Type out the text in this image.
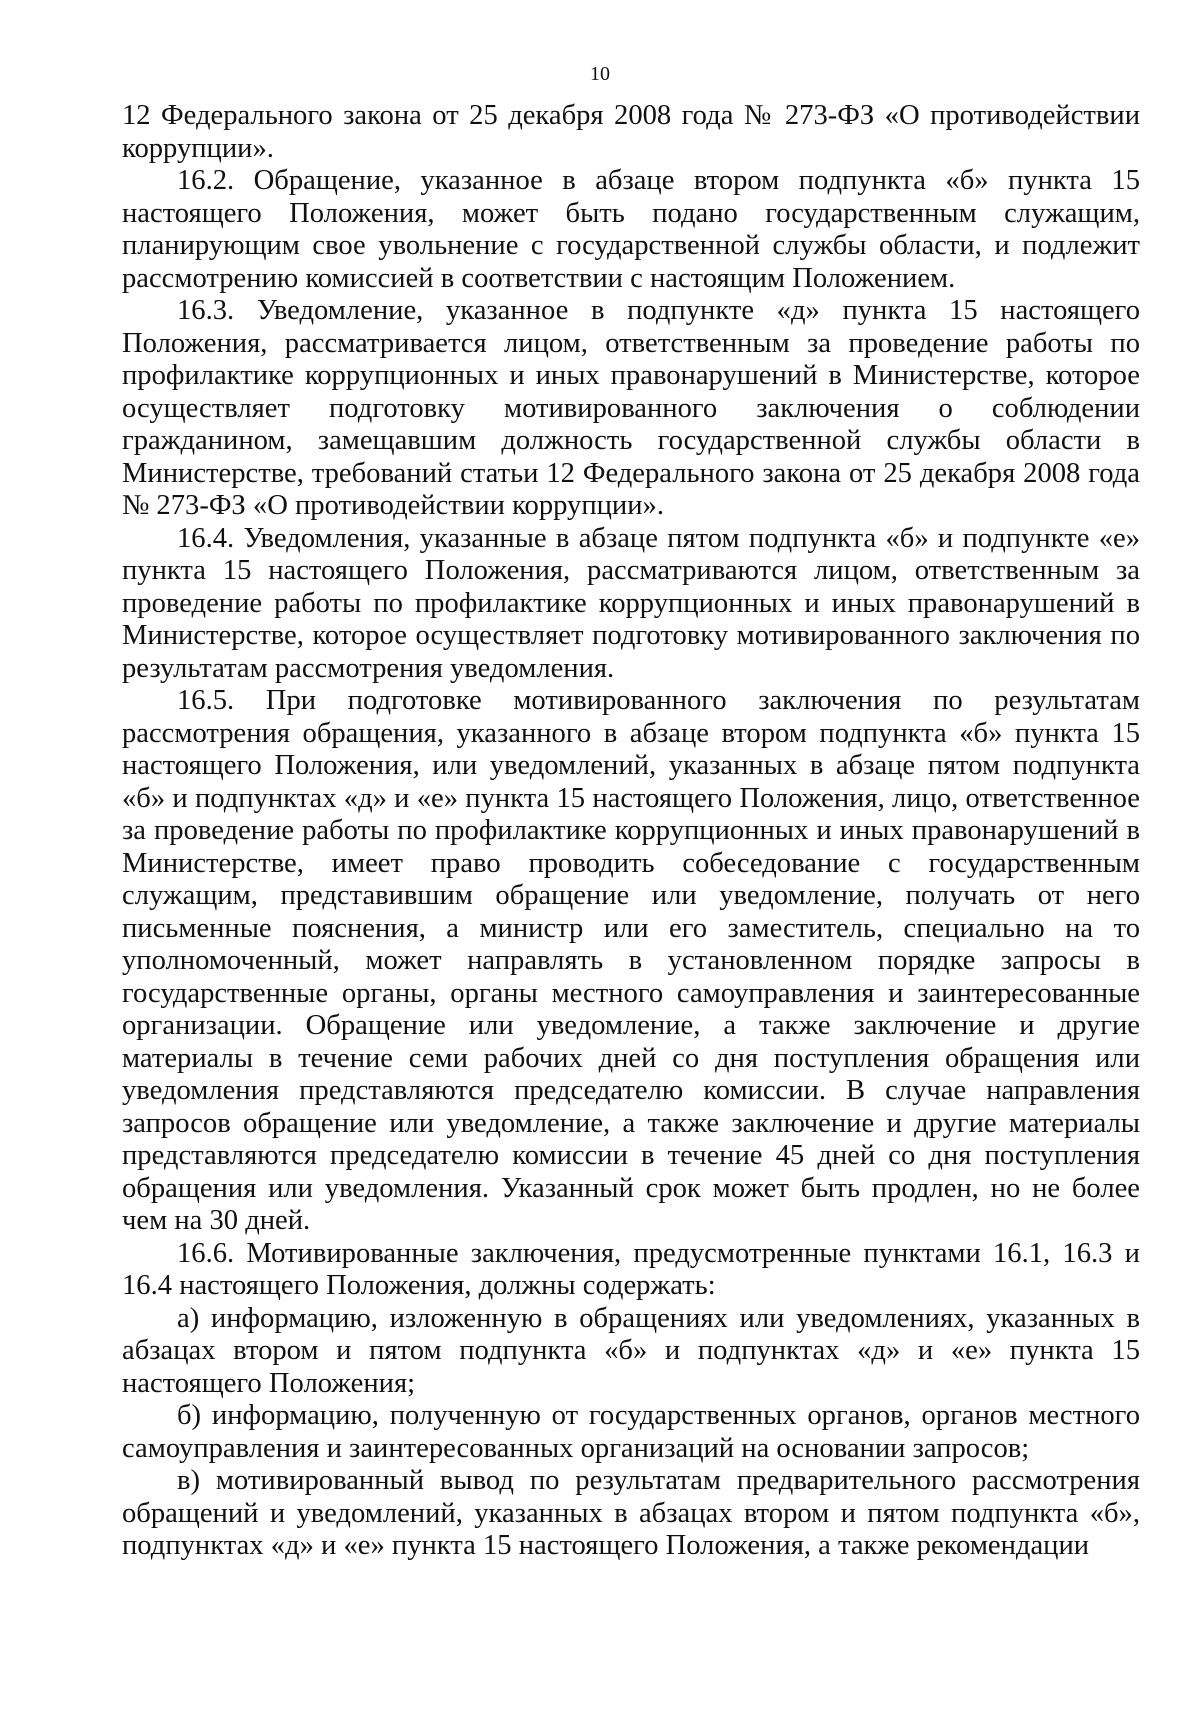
10

12 Федерального закона от 25 декабря 2008 года № 273-ФЗ «О противодействии коррупции».

16.2. Обращение, указанное в абзаце втором подпункта «б» пункта 15 настоящего Положения, может быть подано государственным служащим, планирующим свое увольнение с государственной службы области, и подлежит рассмотрению комиссией в соответствии с настоящим Положением.

16.3. Уведомление, указанное в подпункте «д» пункта 15 настоящего Положения, рассматривается лицом, ответственным за проведение работы по профилактике коррупционных и иных правонарушений в Министерстве, которое осуществляет подготовку мотивированного заключения о соблюдении гражданином, замещавшим должность государственной службы области в Министерстве, требований статьи 12 Федерального закона от 25 декабря 2008 года № 273-ФЗ «О противодействии коррупции».

16.4. Уведомления, указанные в абзаце пятом подпункта «б» и подпункте «е» пункта 15 настоящего Положения, рассматриваются лицом, ответственным за проведение работы по профилактике коррупционных и иных правонарушений в Министерстве, которое осуществляет подготовку мотивированного заключения по результатам рассмотрения уведомления.

16.5. При подготовке мотивированного заключения по результатам рассмотрения обращения, указанного в абзаце втором подпункта «б» пункта 15 настоящего Положения, или уведомлений, указанных в абзаце пятом подпункта «б» и подпунктах «д» и «е» пункта 15 настоящего Положения, лицо, ответственное за проведение работы по профилактике коррупционных и иных правонарушений в Министерстве, имеет право проводить собеседование с государственным служащим, представившим обращение или уведомление, получать от него письменные пояснения, а министр или его заместитель, специально на то уполномоченный, может направлять в установленном порядке запросы в государственные органы, органы местного самоуправления и заинтересованные организации. Обращение или уведомление, а также заключение и другие материалы в течение семи рабочих дней со дня поступления обращения или уведомления представляются председателю комиссии. В случае направления запросов обращение или уведомление, а также заключение и другие материалы представляются председателю комиссии в течение 45 дней со дня поступления обращения или уведомления. Указанный срок может быть продлен, но не более чем на 30 дней.

16.6. Мотивированные заключения, предусмотренные пунктами 16.1, 16.3 и 16.4 настоящего Положения, должны содержать:

а) информацию, изложенную в обращениях или уведомлениях, указанных в абзацах втором и пятом подпункта «б» и подпунктах «д» и «е» пункта 15 настоящего Положения;

б) информацию, полученную от государственных органов, органов местного самоуправления и заинтересованных организаций на основании запросов;

в) мотивированный вывод по результатам предварительного рассмотрения обращений и уведомлений, указанных в абзацах втором и пятом подпункта «б», подпунктах «д» и «е» пункта 15 настоящего Положения, а также рекомендации
